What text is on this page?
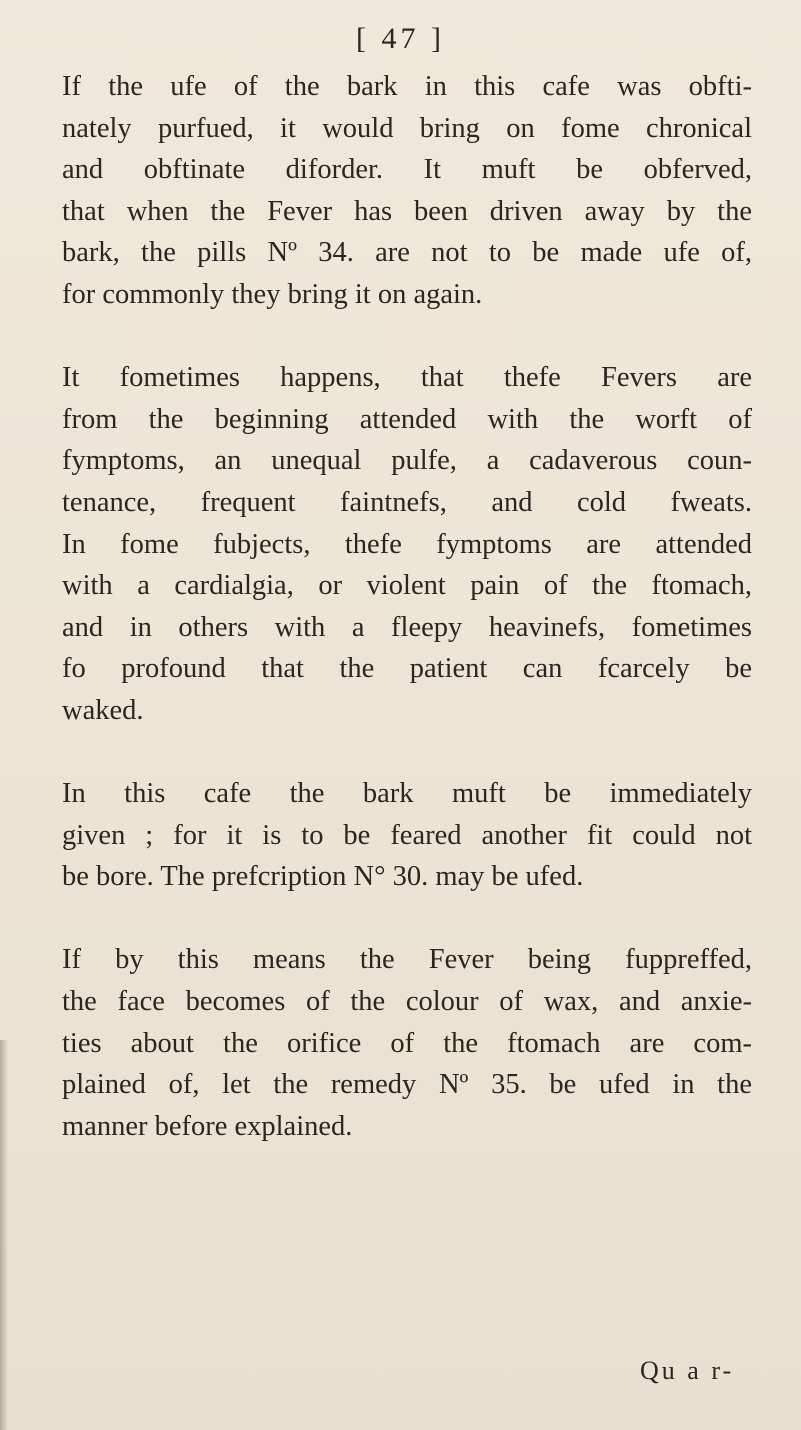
[ 47 ]

If the ufe of the bark in this cafe was obfti-
nately purfued, it would bring on fome chronical
and obftinate diforder. It muft be obferved,
that when the Fever has been driven away by the
bark, the pills Nº 34. are not to be made ufe of,
for commonly they bring it on again.

It fometimes happens, that thefe Fevers are
from the beginning attended with the worft of
fymptoms, an unequal pulfe, a cadaverous coun-
tenance, frequent faintnefs, and cold fweats.
In fome fubjects, thefe fymptoms are attended
with a cardialgia, or violent pain of the ftomach,
and in others with a fleepy heavinefs, fometimes
fo profound that the patient can fcarcely be
waked.

In this cafe the bark muft be immediately
given ; for it is to be feared another fit could not
be bore. The prefcription N° 30. may be ufed.

If by this means the Fever being fuppreffed,
the face becomes of the colour of wax, and anxie-
ties about the orifice of the ftomach are com-
plained of, let the remedy Nº 35. be ufed in the
manner before explained.

Qu a r-
